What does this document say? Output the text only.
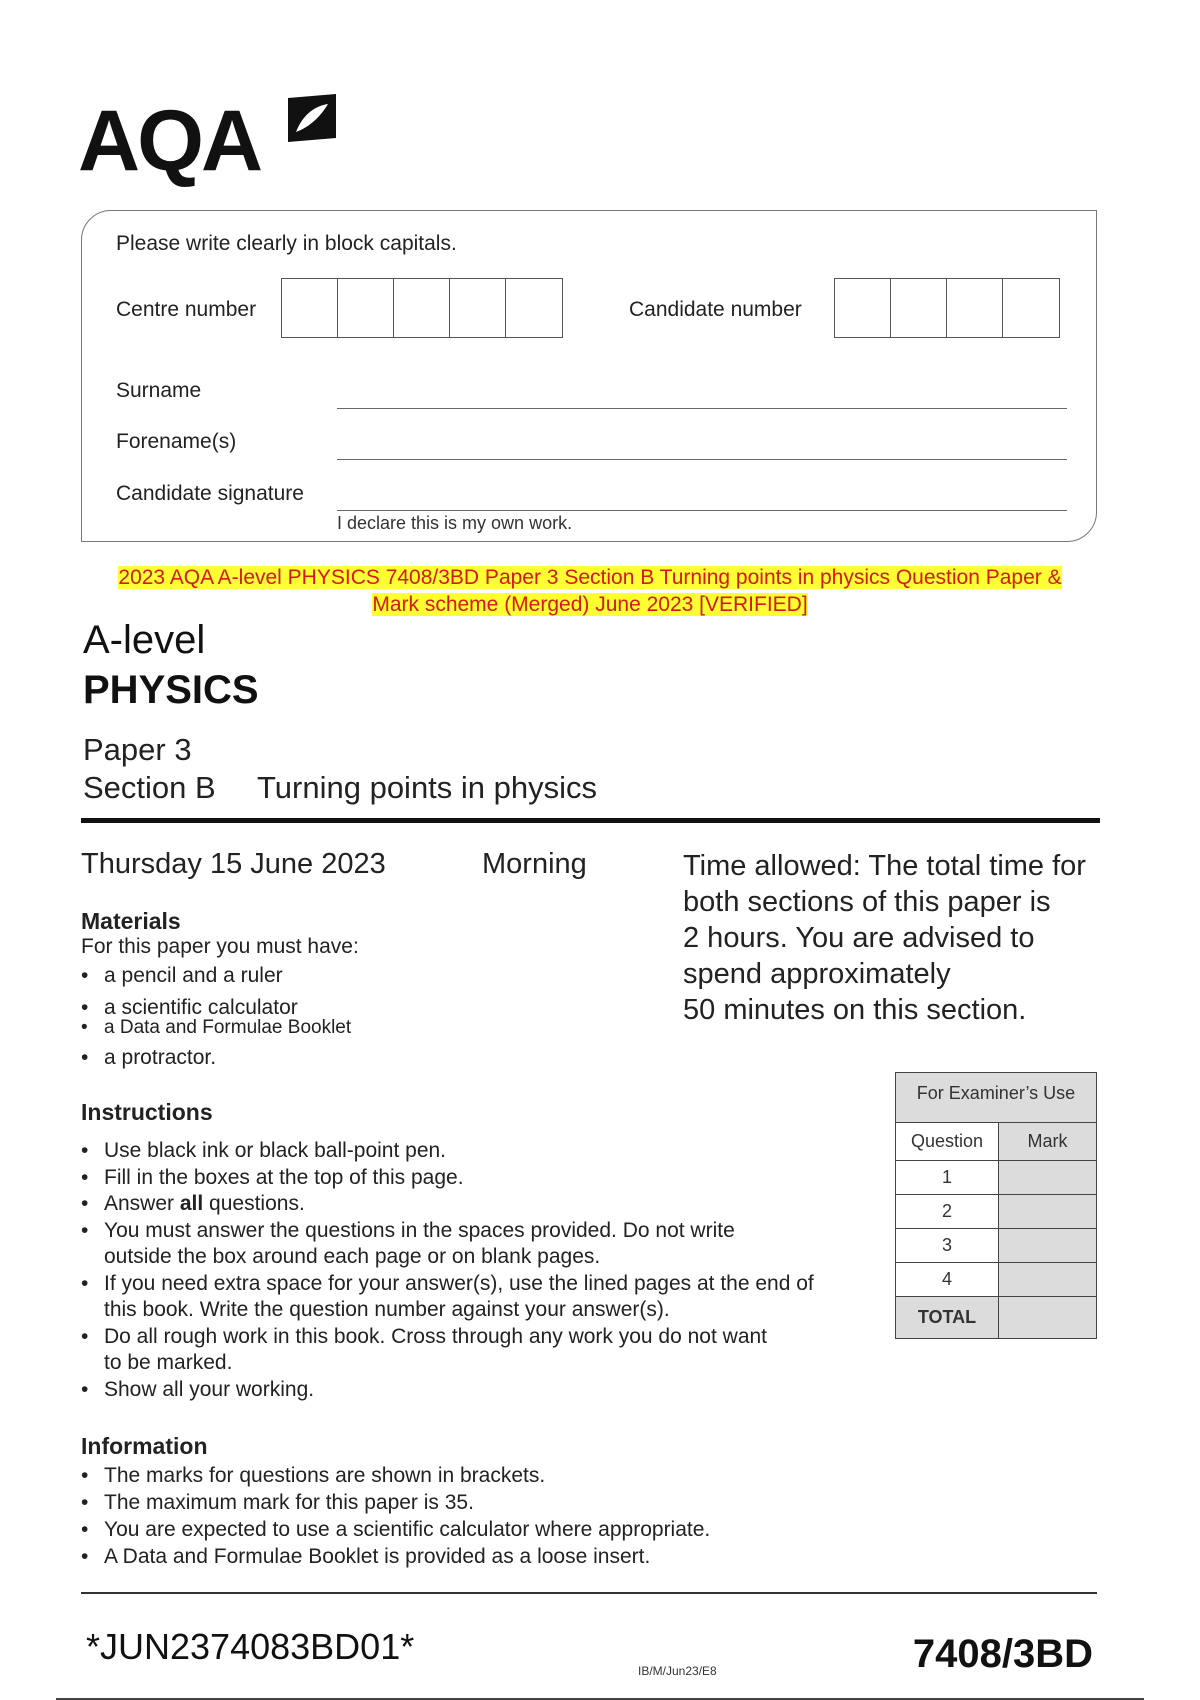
AQA
Please write clearly in block capitals.
Centre number	Candidate number
Surname
Forename(s)
Candidate signature
I declare this is my own work.
2023 AQA A-level PHYSICS 7408/3BD Paper 3 Section B Turning points in physics Question Paper &
Mark scheme (Merged) June 2023 [VERIFIED]
A-level
PHYSICS
Paper 3
Section B Turning points in physics
Thursday 15 June 2023	Morning	Time allowed: The total time for
both sections of this paper is
2 hours. You are advised to
spend approximately
50 minutes on this section.
Materials
For this paper you must have:
• a pencil and a ruler
• a scientific calculator
• a Data and Formulae Booklet
• a protractor.
Instructions
• Use black ink or black ball-point pen.
• Fill in the boxes at the top of this page.
• Answer all questions.
• You must answer the questions in the spaces provided. Do not write
outside the box around each page or on blank pages.
• If you need extra space for your answer(s), use the lined pages at the end of
this book. Write the question number against your answer(s).
• Do all rough work in this book. Cross through any work you do not want
to be marked.
• Show all your working.
Information
• The marks for questions are shown in brackets.
• The maximum mark for this paper is 35.
• You are expected to use a scientific calculator where appropriate.
• A Data and Formulae Booklet is provided as a loose insert.
For Examiner’s Use
Question	Mark
1	
2	
3	
4	
TOTAL	
*JUN2374083BD01*
IB/M/Jun23/E8	7408/3BD
